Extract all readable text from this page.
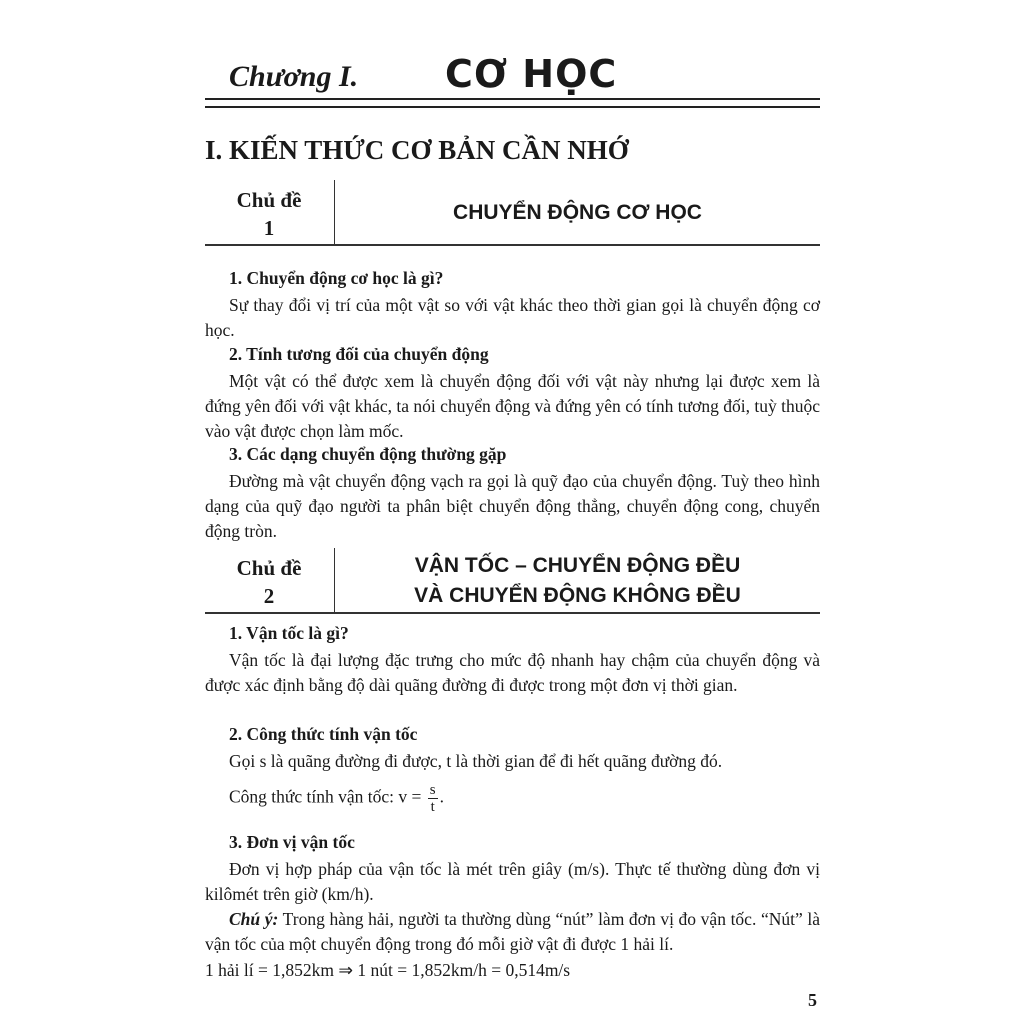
Chương I. CƠ HỌC
I. KIẾN THỨC CƠ BẢN CẦN NHỚ
Chủ đề
1
CHUYỂN ĐỘNG CƠ HỌC
1. Chuyển động cơ học là gì?
Sự thay đổi vị trí của một vật so với vật khác theo thời gian gọi là chuyển động cơ học.
2. Tính tương đối của chuyển động
Một vật có thể được xem là chuyển động đối với vật này nhưng lại được xem là đứng yên đối với vật khác, ta nói chuyển động và đứng yên có tính tương đối, tuỳ thuộc vào vật được chọn làm mốc.
3. Các dạng chuyển động thường gặp
Đường mà vật chuyển động vạch ra gọi là quỹ đạo của chuyển động. Tuỳ theo hình dạng của quỹ đạo người ta phân biệt chuyển động thẳng, chuyển động cong, chuyển động tròn.
Chủ đề
2
VẬN TỐC – CHUYỂN ĐỘNG ĐỀU
VÀ CHUYỂN ĐỘNG KHÔNG ĐỀU
1. Vận tốc là gì?
Vận tốc là đại lượng đặc trưng cho mức độ nhanh hay chậm của chuyển động và được xác định bằng độ dài quãng đường đi được trong một đơn vị thời gian.
2. Công thức tính vận tốc
Gọi s là quãng đường đi được, t là thời gian để đi hết quãng đường đó.
Công thức tính vận tốc: $v = \frac{s}{t}$ .
3. Đơn vị vận tốc
Đơn vị hợp pháp của vận tốc là mét trên giây (m/s). Thực tế thường dùng đơn vị kilômét trên giờ (km/h).
Chú ý: Trong hàng hải, người ta thường dùng “nút” làm đơn vị đo vận tốc. “Nút” là vận tốc của một chuyển động trong đó mỗi giờ vật đi được 1 hải lí.
1 hải lí = 1,852km ⇒ 1 nút = 1,852km/h = 0,514m/s
5
